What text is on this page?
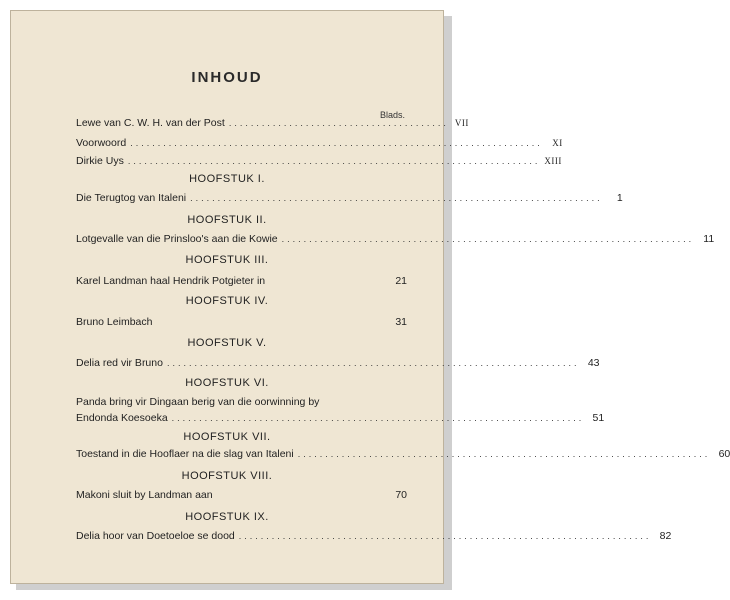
INHOUD
Blads.
Lewe van C. W. H. van der Post ........................................ VII
Voorwoord ...........................................................................	XI
Dirkie Uys ........................................................................... XIII
HOOFSTUK I.
Die Terugtog van Italeni ...........................................................................	1
HOOFSTUK II.
Lotgevalle van die Prinsloo's aan die Kowie ........................................................................... 11
HOOFSTUK III.
Karel Landman haal Hendrik Potgieter in	21
HOOFSTUK IV.
Bruno Leimbach	31
HOOFSTUK V.
Delia red vir Bruno ........................................................................... 43
HOOFSTUK VI.
Panda bring vir Dingaan berig van die oorwinning by
Endonda Koesoeka ........................................................................... 51
HOOFSTUK VII.
Toestand in die Hooflaer na die slag van Italeni ........................................................................... 60
HOOFSTUK VIII.
Makoni sluit by Landman aan	70
HOOFSTUK IX.
Delia hoor van Doetoeloe se dood ........................................................................... 82
